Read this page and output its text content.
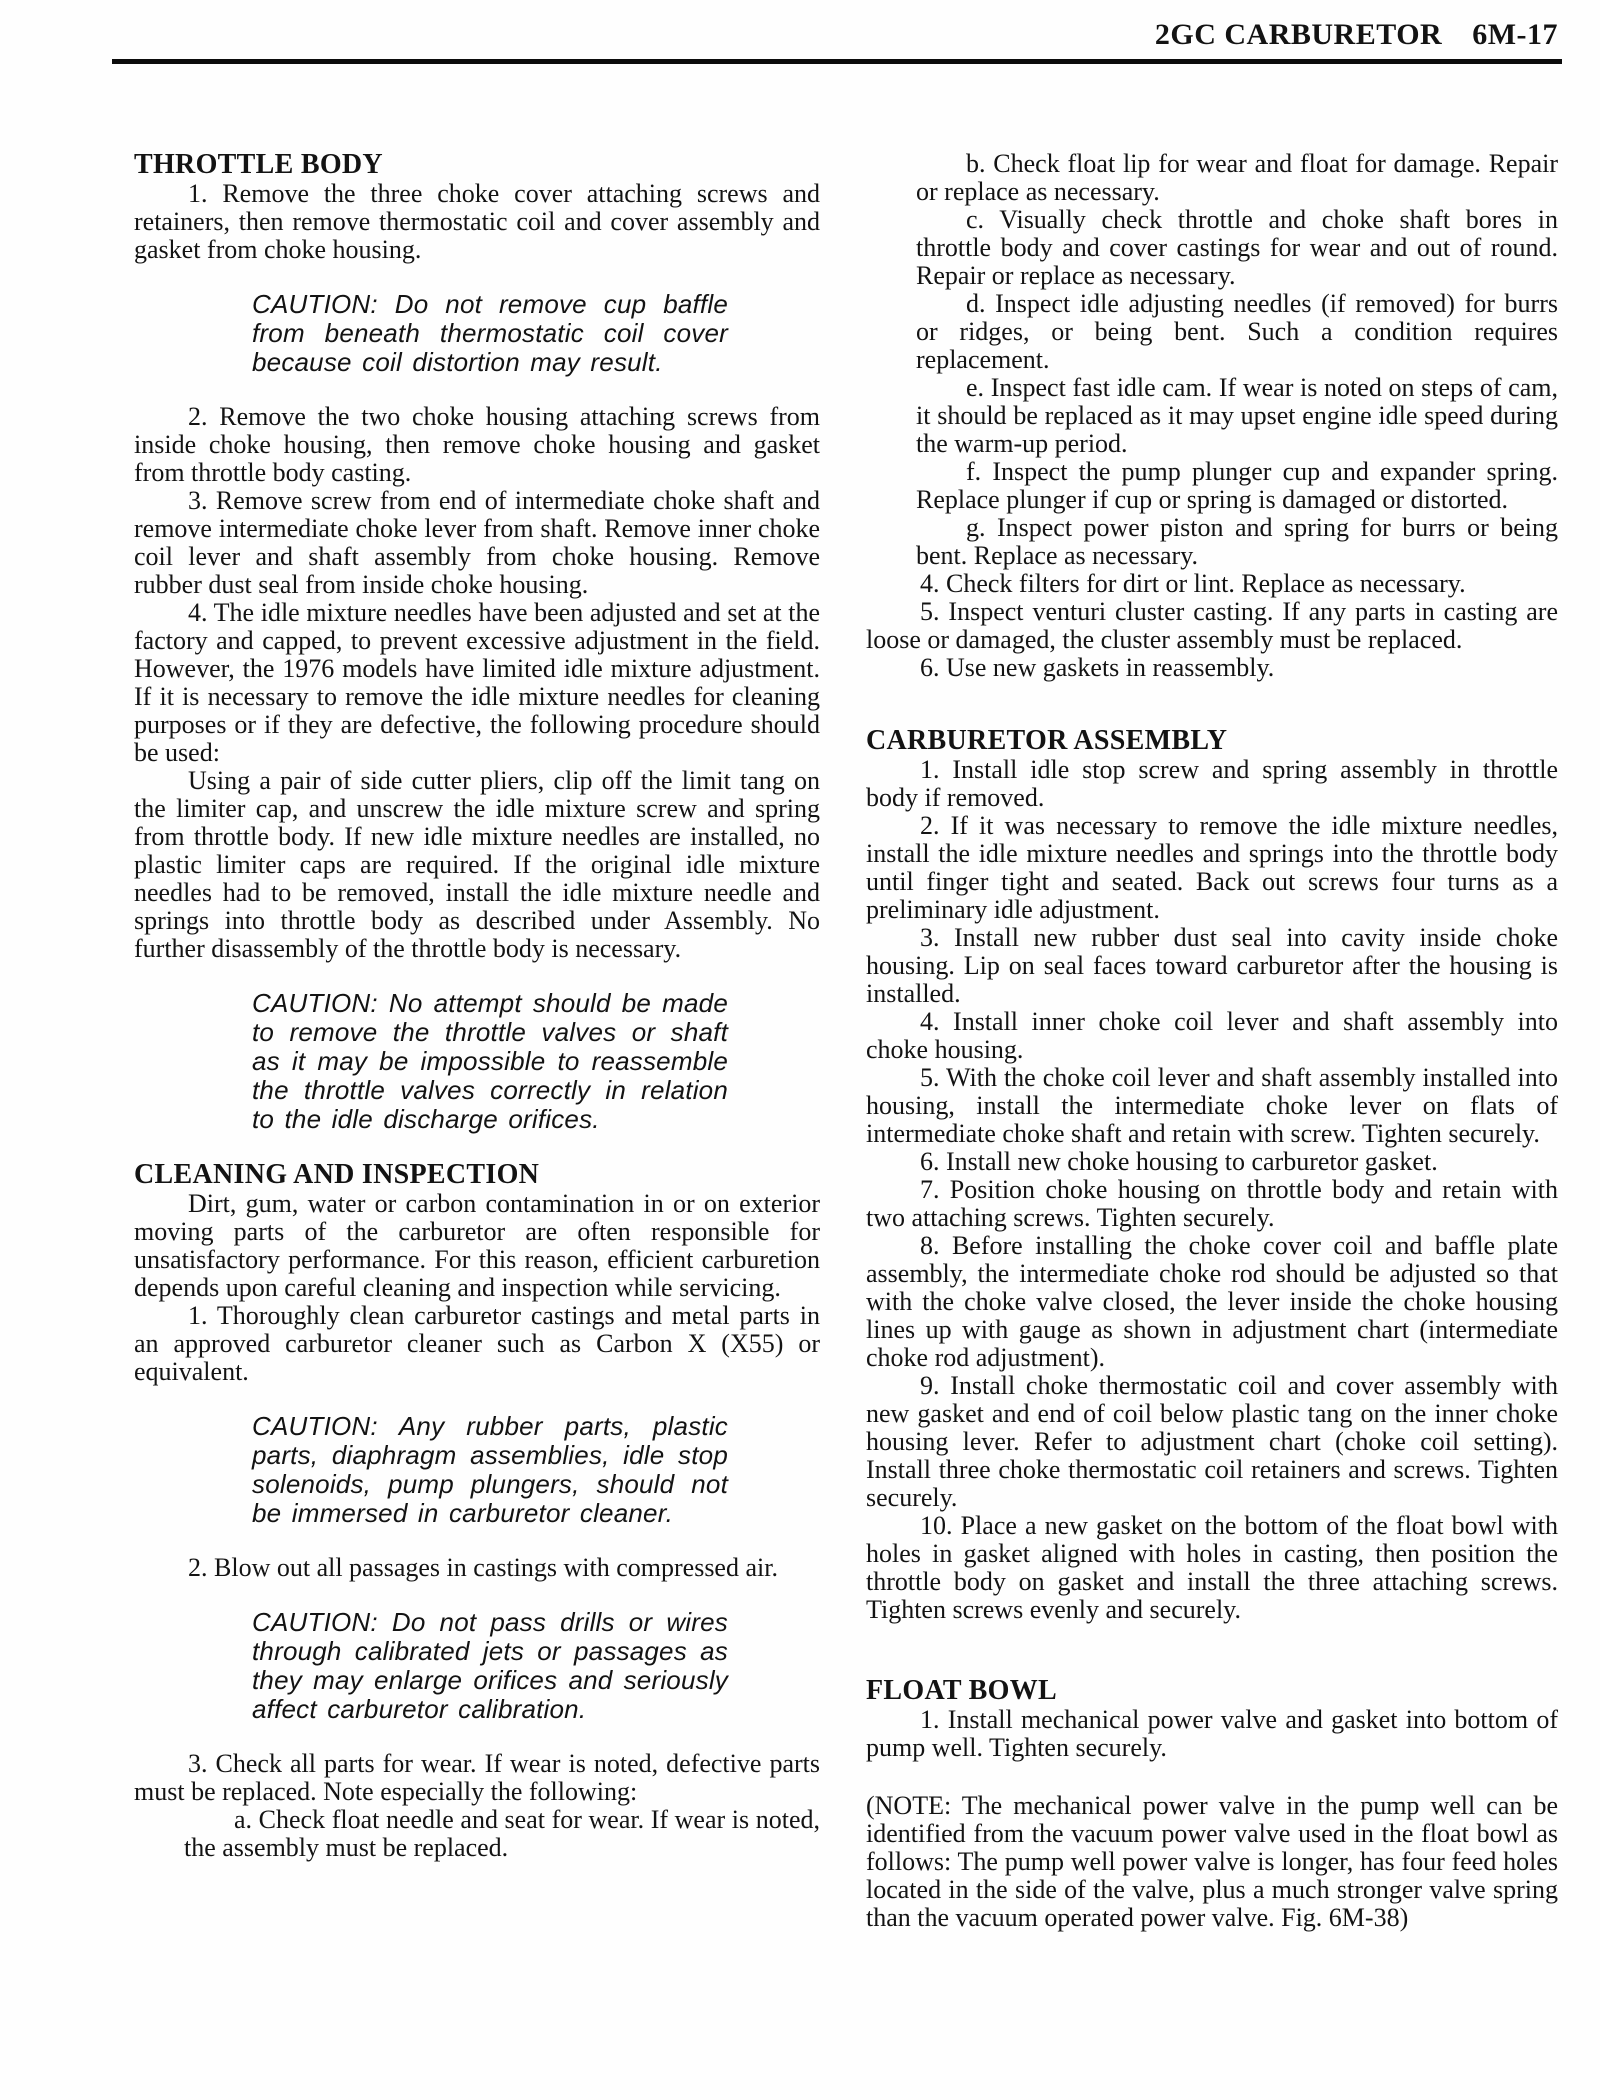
2GC CARBURETOR 6M-17
THROTTLE BODY

1. Remove the three choke cover attaching screws and retainers, then remove thermostatic coil and cover assembly and gasket from choke housing.

CAUTION: Do not remove cup baffle from beneath thermostatic coil cover because coil distortion may result.

2. Remove the two choke housing attaching screws from inside choke housing, then remove choke housing and gasket from throttle body casting.

3. Remove screw from end of intermediate choke shaft and remove intermediate choke lever from shaft. Remove inner choke coil lever and shaft assembly from choke housing. Remove rubber dust seal from inside choke housing.

4. The idle mixture needles have been adjusted and set at the factory and capped, to prevent excessive adjustment in the field. However, the 1976 models have limited idle mixture adjustment. If it is necessary to remove the idle mixture needles for cleaning purposes or if they are defective, the following procedure should be used:

Using a pair of side cutter pliers, clip off the limit tang on the limiter cap, and unscrew the idle mixture screw and spring from throttle body. If new idle mixture needles are installed, no plastic limiter caps are required. If the original idle mixture needles had to be removed, install the idle mixture needle and springs into throttle body as described under Assembly. No further disassembly of the throttle body is necessary.

CAUTION: No attempt should be made to remove the throttle valves or shaft as it may be impossible to reassemble the throttle valves correctly in relation to the idle discharge orifices.

CLEANING AND INSPECTION

Dirt, gum, water or carbon contamination in or on exterior moving parts of the carburetor are often responsible for unsatisfactory performance. For this reason, efficient carburetion depends upon careful cleaning and inspection while servicing.

1. Thoroughly clean carburetor castings and metal parts in an approved carburetor cleaner such as Carbon X (X55) or equivalent.

CAUTION: Any rubber parts, plastic parts, diaphragm assemblies, idle stop solenoids, pump plungers, should not be immersed in carburetor cleaner.

2. Blow out all passages in castings with compressed air.

CAUTION: Do not pass drills or wires through calibrated jets or passages as they may enlarge orifices and seriously affect carburetor calibration.

3. Check all parts for wear. If wear is noted, defective parts must be replaced. Note especially the following:

a. Check float needle and seat for wear. If wear is noted, the assembly must be replaced.

b. Check float lip for wear and float for damage. Repair or replace as necessary.

c. Visually check throttle and choke shaft bores in throttle body and cover castings for wear and out of round. Repair or replace as necessary.

d. Inspect idle adjusting needles (if removed) for burrs or ridges, or being bent. Such a condition requires replacement.

e. Inspect fast idle cam. If wear is noted on steps of cam, it should be replaced as it may upset engine idle speed during the warm-up period.

f. Inspect the pump plunger cup and expander spring. Replace plunger if cup or spring is damaged or distorted.

g. Inspect power piston and spring for burrs or being bent. Replace as necessary.

4. Check filters for dirt or lint. Replace as necessary.

5. Inspect venturi cluster casting. If any parts in casting are loose or damaged, the cluster assembly must be replaced.

6. Use new gaskets in reassembly.

CARBURETOR ASSEMBLY

1. Install idle stop screw and spring assembly in throttle body if removed.

2. If it was necessary to remove the idle mixture needles, install the idle mixture needles and springs into the throttle body until finger tight and seated. Back out screws four turns as a preliminary idle adjustment.

3. Install new rubber dust seal into cavity inside choke housing. Lip on seal faces toward carburetor after the housing is installed.

4. Install inner choke coil lever and shaft assembly into choke housing.

5. With the choke coil lever and shaft assembly installed into housing, install the intermediate choke lever on flats of intermediate choke shaft and retain with screw. Tighten securely.

6. Install new choke housing to carburetor gasket.

7. Position choke housing on throttle body and retain with two attaching screws. Tighten securely.

8. Before installing the choke cover coil and baffle plate assembly, the intermediate choke rod should be adjusted so that with the choke valve closed, the lever inside the choke housing lines up with gauge as shown in adjustment chart (intermediate choke rod adjustment).

9. Install choke thermostatic coil and cover assembly with new gasket and end of coil below plastic tang on the inner choke housing lever. Refer to adjustment chart (choke coil setting). Install three choke thermostatic coil retainers and screws. Tighten securely.

10. Place a new gasket on the bottom of the float bowl with holes in gasket aligned with holes in casting, then position the throttle body on gasket and install the three attaching screws. Tighten screws evenly and securely.

FLOAT BOWL

1. Install mechanical power valve and gasket into bottom of pump well. Tighten securely.

(NOTE: The mechanical power valve in the pump well can be identified from the vacuum power valve used in the float bowl as follows: The pump well power valve is longer, has four feed holes located in the side of the valve, plus a much stronger valve spring than the vacuum operated power valve. Fig. 6M-38)
